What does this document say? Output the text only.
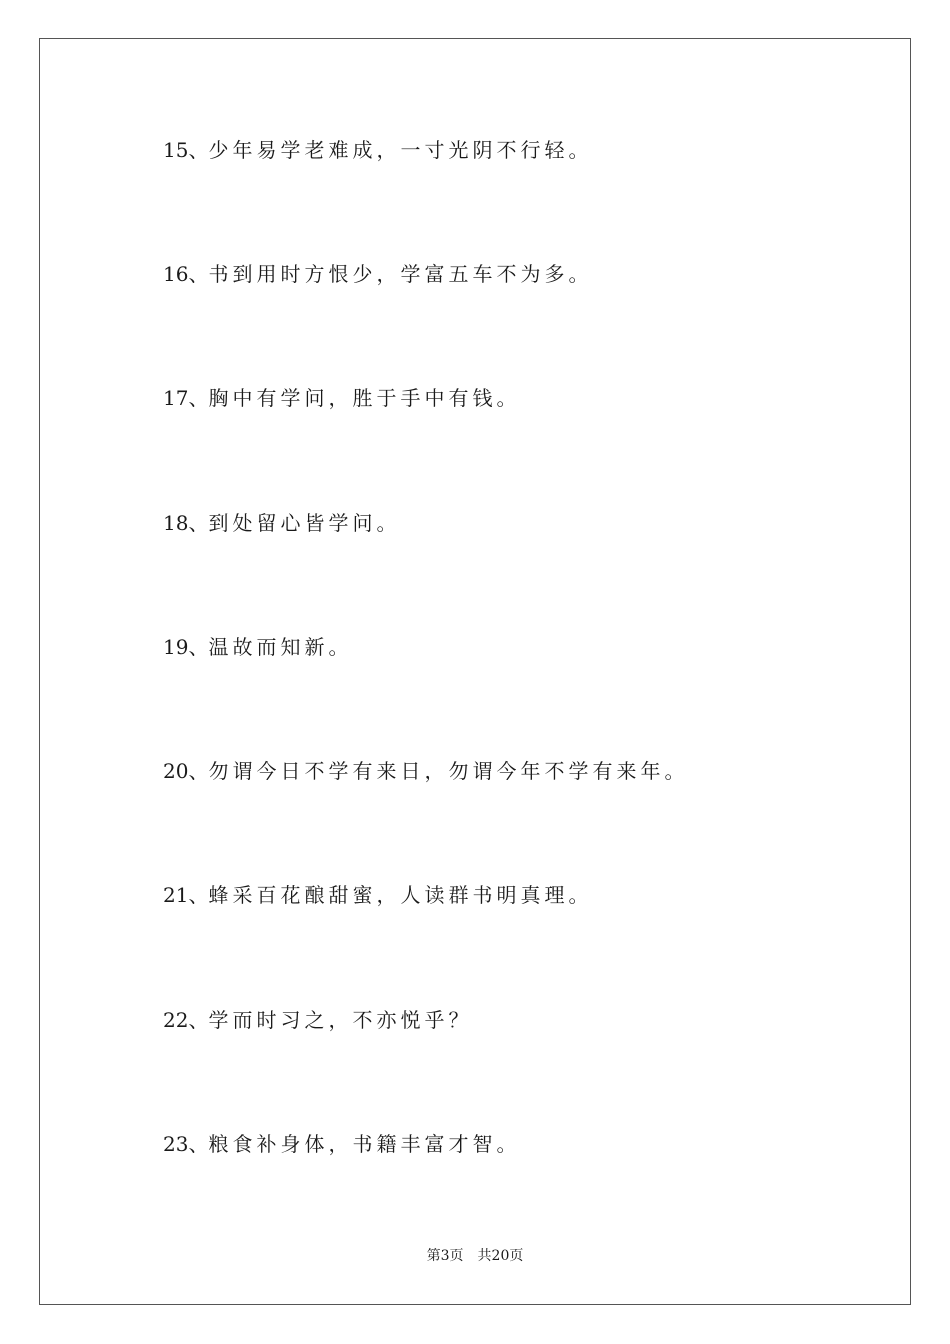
15、少年易学老难成，一寸光阴不行轻。
16、书到用时方恨少，学富五车不为多。
17、胸中有学问，胜于手中有钱。
18、到处留心皆学问。
19、温故而知新。
20、勿谓今日不学有来日，勿谓今年不学有来年。
21、蜂采百花酿甜蜜，人读群书明真理。
22、学而时习之，不亦悦乎？
23、粮食补身体，书籍丰富才智。
第3页 共20页
